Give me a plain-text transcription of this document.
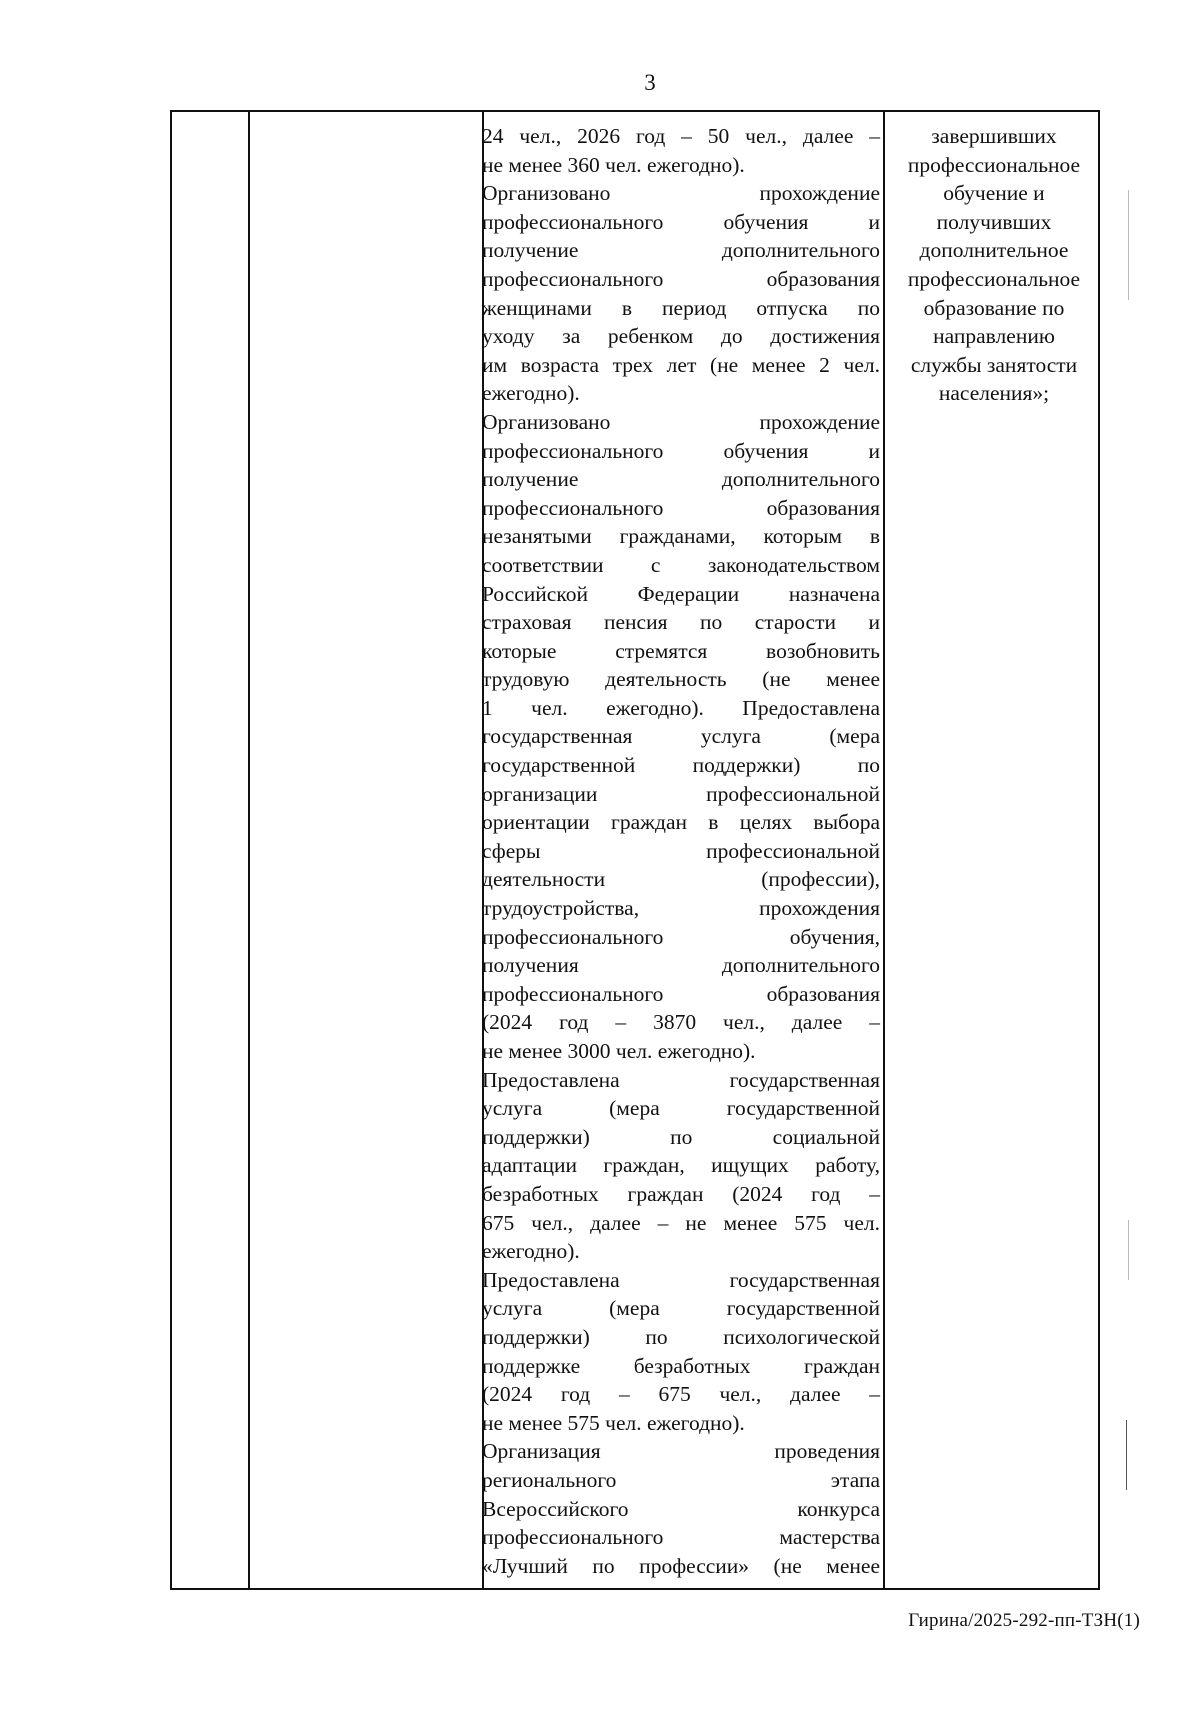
3

24 чел., 2026 год – 50 чел., далее –

не менее 360 чел. ежегодно).

Организовано прохождение

профессионального обучения и

получение дополнительного

профессионального образования

женщинами в период отпуска по

уходу за ребенком до достижения

им возраста трех лет (не менее 2 чел.

ежегодно).

Организовано прохождение

профессионального обучения и

получение дополнительного

профессионального образования

незанятыми гражданами, которым в

соответствии с законодательством

Российской Федерации назначена

страховая пенсия по старости и

которые стремятся возобновить

трудовую деятельность (не менее

1 чел. ежегодно). Предоставлена

государственная услуга (мера

государственной поддержки) по

организации профессиональной

ориентации граждан в целях выбора

сферы профессиональной

деятельности (профессии),

трудоустройства, прохождения

профессионального обучения,

получения дополнительного

профессионального образования

(2024 год – 3870 чел., далее –

не менее 3000 чел. ежегодно).

Предоставлена государственная

услуга (мера государственной

поддержки) по социальной

адаптации граждан, ищущих работу,

безработных граждан (2024 год –

675 чел., далее – не менее 575 чел.

ежегодно).

Предоставлена государственная

услуга (мера государственной

поддержки) по психологической

поддержке безработных граждан

(2024 год – 675 чел., далее –

не менее 575 чел. ежегодно).

Организация проведения

регионального этапа

Всероссийского конкурса

профессионального мастерства

«Лучший по профессии» (не менее

завершивших

профессиональное

обучение и

получивших

дополнительное

профессиональное

образование по

направлению

службы занятости

населения»;

Гирина/2025-292-пп-ТЗН(1)
